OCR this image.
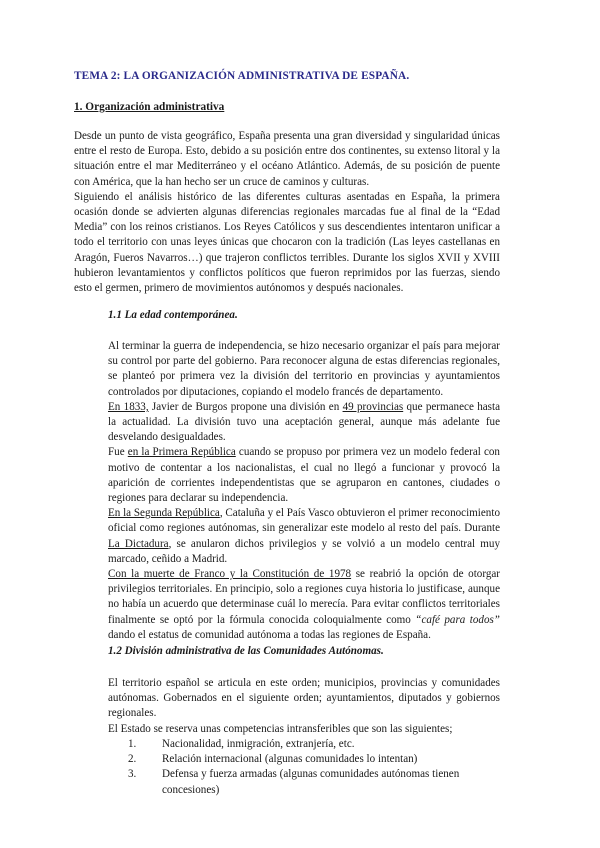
TEMA 2: LA ORGANIZACIÓN ADMINISTRATIVA DE ESPAÑA.
1. Organización administrativa

Desde un punto de vista geográfico, España presenta una gran diversidad y singularidad únicas entre el resto de Europa. Esto, debido a su posición entre dos continentes, su extenso litoral y la situación entre el mar Mediterráneo y el océano Atlántico. Además, de su posición de puente con América, que la han hecho ser un cruce de caminos y culturas.

Siguiendo el análisis histórico de las diferentes culturas asentadas en España, la primera ocasión donde se advierten algunas diferencias regionales marcadas fue al final de la “Edad Media” con los reinos cristianos. Los Reyes Católicos y sus descendientes intentaron unificar a todo el territorio con unas leyes únicas que chocaron con la tradición (Las leyes castellanas en Aragón, Fueros Navarros…) que trajeron conflictos terribles. Durante los siglos XVII y XVIII hubieron levantamientos y conflictos políticos que fueron reprimidos por las fuerzas, siendo esto el germen, primero de movimientos autónomos y después nacionales.

1.1 La edad contemporánea.

Al terminar la guerra de independencia, se hizo necesario organizar el país para mejorar su control por parte del gobierno. Para reconocer alguna de estas diferencias regionales, se planteó por primera vez la división del territorio en provincias y ayuntamientos controlados por diputaciones, copiando el modelo francés de departamento.

En 1833, Javier de Burgos propone una división en 49 provincias que permanece hasta la actualidad. La división tuvo una aceptación general, aunque más adelante fue desvelando desigualdades.

Fue en la Primera República cuando se propuso por primera vez un modelo federal con motivo de contentar a los nacionalistas, el cual no llegó a funcionar y provocó la aparición de corrientes independentistas que se agruparon en cantones, ciudades o regiones para declarar su independencia.

En la Segunda República, Cataluña y el País Vasco obtuvieron el primer reconocimiento oficial como regiones autónomas, sin generalizar este modelo al resto del país. Durante La Dictadura, se anularon dichos privilegios y se volvió a un modelo central muy marcado, ceñido a Madrid.

Con la muerte de Franco y la Constitución de 1978 se reabrió la opción de otorgar privilegios territoriales. En principio, solo a regiones cuya historia lo justificase, aunque no había un acuerdo que determinase cuál lo merecía. Para evitar conflictos territoriales finalmente se optó por la fórmula conocida coloquialmente como “café para todos” dando el estatus de comunidad autónoma a todas las regiones de España.

1.2 División administrativa de las Comunidades Autónomas.

El territorio español se articula en este orden; municipios, provincias y comunidades autónomas. Gobernados en el siguiente orden; ayuntamientos, diputados y gobiernos regionales.

El Estado se reserva unas competencias intransferibles que son las siguientes;

1.	Nacionalidad, inmigración, extranjería, etc.
2.	Relación internacional (algunas comunidades lo intentan)
3.	Defensa y fuerza armadas (algunas comunidades autónomas tienen concesiones)
